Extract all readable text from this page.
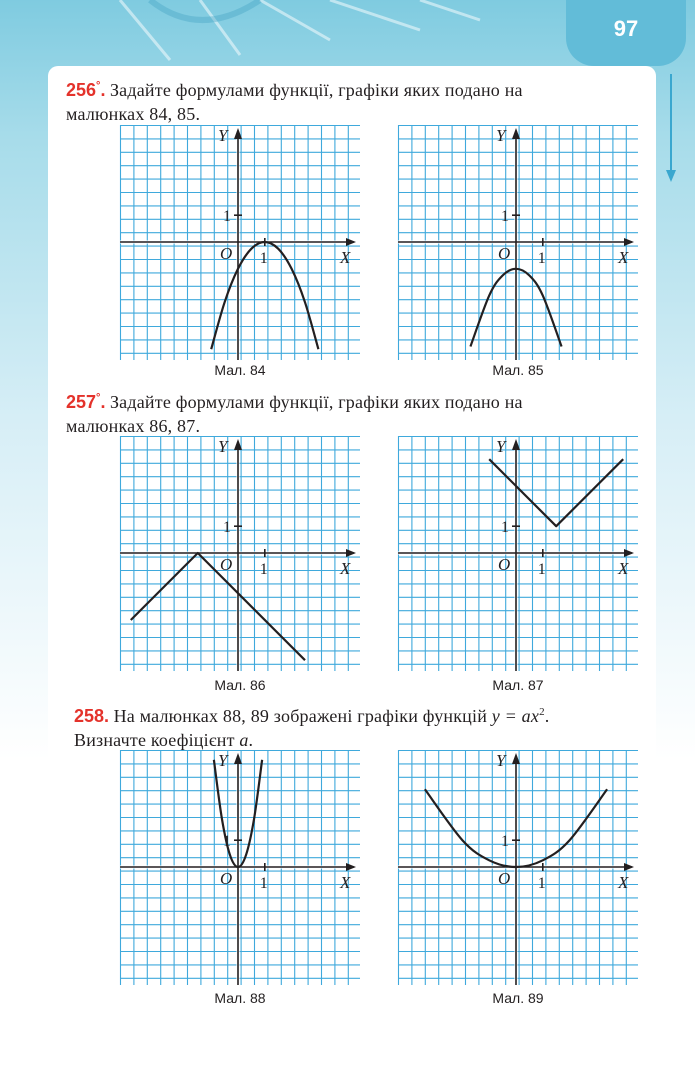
97
256°. Задайте формулами функції, графіки яких подано на
малюнках 84, 85.
257°. Задайте формулами функції, графіки яких подано на
малюнках 86, 87.
258. На малюнках 88, 89 зображені графіки функцій $y = ax^2$.
Визначте коефіцієнт a.
Y
X
O 1
1
Мал. 84
Y
X
O 1
1
Мал. 85
Y
X
O 1
1
Мал. 86
Y
X
O 1
1
Мал. 87
Y
X
O 1
1
Мал. 88
Y
X
O 1
1
Мал. 89
